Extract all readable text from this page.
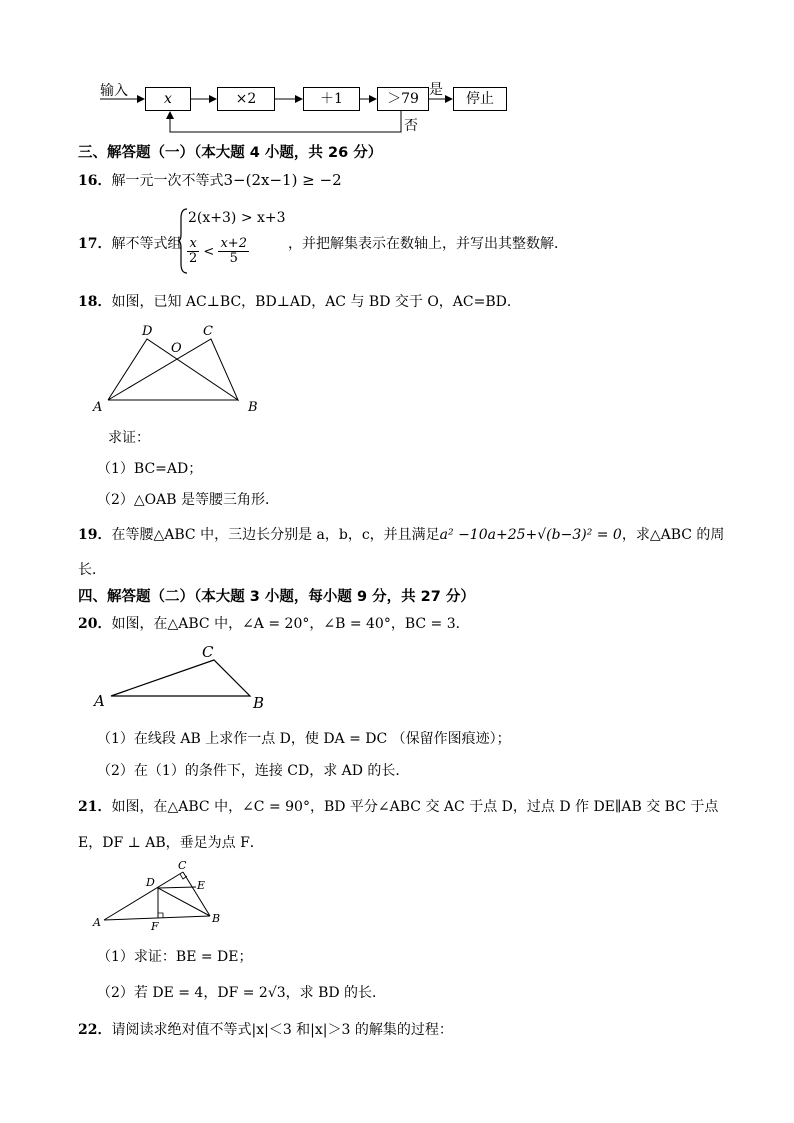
输入	x	×2	＋1	＞79
是
停止
否
三、解答题（一）（本大题 4 小题，共 26 分）
16．解一元一次不等式3−(2x−1) ≥ −2
17．解不等式组
2(x+3) > x+3
$\frac{x}{2} < \frac{x+2}{5}$	，并把解集表示在数轴上，并写出其整数解．
18．如图，已知 AC⊥BC，BD⊥AD，AC 与 BD 交于 O，AC=BD．
A	B
C
D
O
求证：
（1）BC=AD；
（2）△OAB 是等腰三角形．
19．在等腰△ABC 中，三边长分别是 a，b，c，并且满足a² −10a+25+√(b−3)² = 0，求△ABC 的周
长．
四、解答题（二）（本大题 3 小题，每小题 9 分，共 27 分）
20．如图，在△ABC 中，∠A = 20°，∠B = 40°，BC = 3．
A	B
C
（1）在线段 AB 上求作一点 D，使 DA = DC （保留作图痕迹）；
（2）在（1）的条件下，连接 CD，求 AD 的长．
21．如图，在△ABC 中，∠C = 90°，BD 平分∠ABC 交 AC 于点 D，过点 D 作 DE∥AB 交 BC 于点
E，DF ⊥ AB，垂足为点 F．
A	B
C
D	E
F
（1）求证：BE = DE；
（2）若 DE = 4，DF = 2√3，求 BD 的长．
22．请阅读求绝对值不等式|x|＜3 和|x|＞3 的解集的过程：
